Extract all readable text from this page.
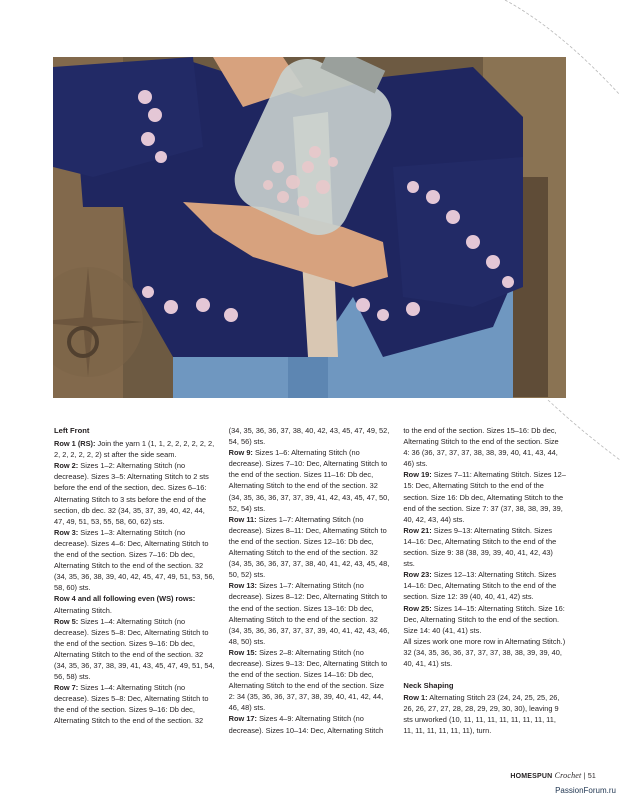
Left Front

Row 1 (RS): Join the yarn 1 (1, 1, 2, 2, 2, 2, 2, 2, 2, 2, 2, 2, 2, 2) st after the side seam.

Row 2: Sizes 1–2: Alternating Stitch (no decrease). Sizes 3–5: Alternating Stitch to 2 sts before the end of the section, dec. Sizes 6–16: Alternating Stitch to 3 sts before the end of the section, db dec. 32 (34, 35, 37, 39, 40, 42, 44, 47, 49, 51, 53, 55, 58, 60, 62) sts.

Row 3: Sizes 1–3: Alternating Stitch (no decrease). Sizes 4–6: Dec, Alternating Stitch to the end of the section. Sizes 7–16: Db dec, Alternating Stitch to the end of the section. 32 (34, 35, 36, 38, 39, 40, 42, 45, 47, 49, 51, 53, 56, 58, 60) sts.

Row 4 and all following even (WS) rows: Alternating Stitch.

Row 5: Sizes 1–4: Alternating Stitch (no decrease). Sizes 5–8: Dec, Alternating Stitch to the end of the section. Sizes 9–16: Db dec, Alternating Stitch to the end of the section. 32 (34, 35, 36, 37, 38, 39, 41, 43, 45, 47, 49, 51, 54, 56, 58) sts.

Row 7: Sizes 1–4: Alternating Stitch (no decrease). Sizes 5–8: Dec, Alternating Stitch to the end of the section. Sizes 9–16: Db dec, Alternating Stitch to the end of the section. 32

(34, 35, 36, 36, 37, 38, 40, 42, 43, 45, 47, 49, 52, 54, 56) sts.

Row 9: Sizes 1–6: Alternating Stitch (no decrease). Sizes 7–10: Dec, Alternating Stitch to the end of the section. Sizes 11–16: Db dec, Alternating Stitch to the end of the section. 32 (34, 35, 36, 36, 37, 37, 39, 41, 42, 43, 45, 47, 50, 52, 54) sts.

Row 11: Sizes 1–7: Alternating Stitch (no decrease). Sizes 8–11: Dec, Alternating Stitch to the end of the section. Sizes 12–16: Db dec, Alternating Stitch to the end of the section. 32 (34, 35, 36, 36, 37, 37, 38, 40, 41, 42, 43, 45, 48, 50, 52) sts.

Row 13: Sizes 1–7: Alternating Stitch (no decrease). Sizes 8–12: Dec, Alternating Stitch to the end of the section. Sizes 13–16: Db dec, Alternating Stitch to the end of the section. 32 (34, 35, 36, 36, 37, 37, 37, 39, 40, 41, 42, 43, 46, 48, 50) sts.

Row 15: Sizes 2–8: Alternating Stitch (no decrease). Sizes 9–13: Dec, Alternating Stitch to the end of the section. Sizes 14–16: Db dec, Alternating Stitch to the end of the section. Size 2: 34 (35, 36, 36, 37, 37, 38, 39, 40, 41, 42, 44, 46, 48) sts.

Row 17: Sizes 4–9: Alternating Stitch (no decrease). Sizes 10–14: Dec, Alternating Stitch

to the end of the section. Sizes 15–16: Db dec, Alternating Stitch to the end of the section. Size 4: 36 (36, 37, 37, 37, 38, 38, 39, 40, 41, 43, 44, 46) sts.

Row 19: Sizes 7–11: Alternating Stitch. Sizes 12–15: Dec, Alternating Stitch to the end of the section. Size 16: Db dec, Alternating Stitch to the end of the section. Size 7: 37 (37, 38, 38, 39, 39, 40, 42, 43, 44) sts.

Row 21: Sizes 9–13: Alternating Stitch. Sizes 14–16: Dec, Alternating Stitch to the end of the section. Size 9: 38 (38, 39, 39, 40, 41, 42, 43) sts.

Row 23: Sizes 12–13: Alternating Stitch. Sizes 14–16: Dec, Alternating Stitch to the end of the section. Size 12: 39 (40, 40, 41, 42) sts.

Row 25: Sizes 14–15: Alternating Stitch. Size 16: Dec, Alternating Stitch to the end of the section. Size 14: 40 (41, 41) sts.

All sizes work one more row in Alternating Stitch.) 32 (34, 35, 36, 36, 37, 37, 37, 38, 38, 39, 39, 40, 40, 41, 41) sts.

Neck Shaping

Row 1: Alternating Stitch 23 (24, 24, 25, 25, 26, 26, 26, 27, 27, 28, 28, 29, 29, 30, 30), leaving 9 sts unworked (10, 11, 11, 11, 11, 11, 11, 11, 11, 11, 11, 11, 11, 11, 11), turn.

HOMESPUN Crochet | 51
PassionForum.ru
